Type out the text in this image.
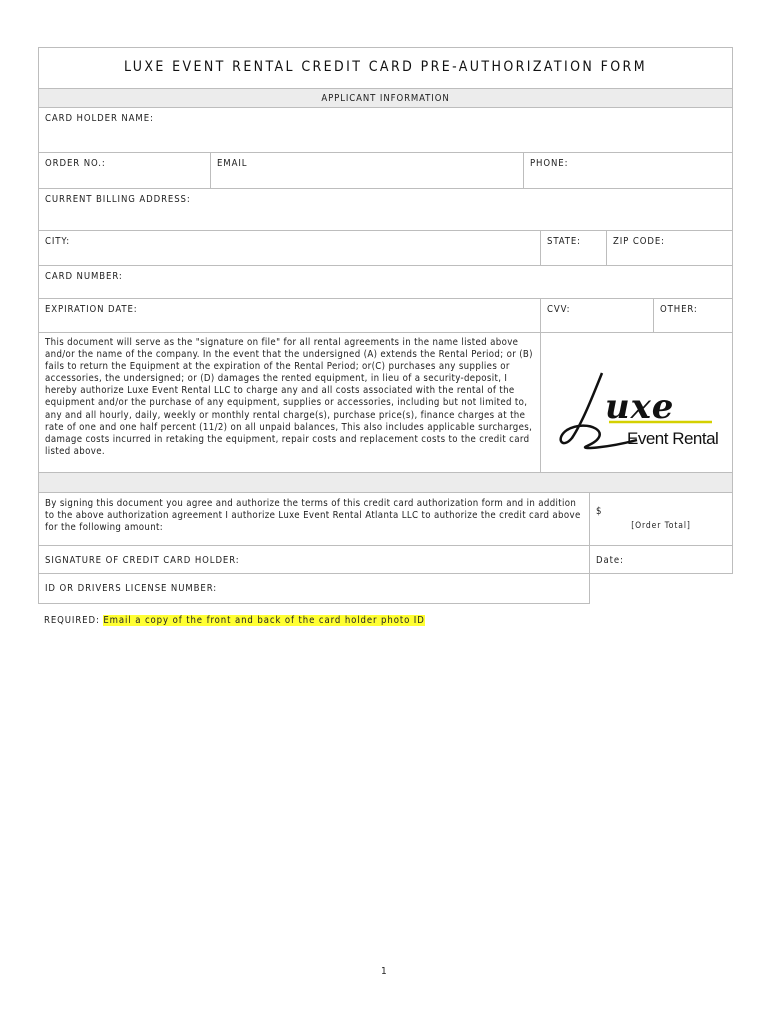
LUXE EVENT RENTAL CREDIT CARD PRE-AUTHORIZATION FORM
APPLICANT INFORMATION
CARD HOLDER NAME:
ORDER NO.:	EMAIL	PHONE:
CURRENT BILLING ADDRESS:
CITY:	STATE:	ZIP CODE:
CARD NUMBER:
EXPIRATION DATE:	CVV:	OTHER:
This document will serve as the "signature on file" for all rental agreements in the name listed above and/or the name of the company. In the event that the undersigned (A) extends the Rental Period; or (B) fails to return the Equipment at the expiration of the Rental Period; or(C) purchases any supplies or accessories, the undersigned; or (D) damages the rented equipment, in lieu of a security-deposit, I hereby authorize Luxe Event Rental LLC to charge any and all costs associated with the rental of the equipment and/or the purchase of any equipment, supplies or accessories, including but not limited to, any and all hourly, daily, weekly or monthly rental charge(s), purchase price(s), finance charges at the rate of one and one half percent (11/2) on all unpaid balances, This also includes applicable surcharges, damage costs incurred in retaking the equipment, repair costs and replacement costs to the credit card listed above.
uxe
Event Rental
By signing this document you agree and authorize the terms of this credit card authorization form and in addition to the above authorization agreement I authorize Luxe Event Rental Atlanta LLC to authorize the credit card above for the following amount:
$
[Order Total]
SIGNATURE OF CREDIT CARD HOLDER:	Date:
ID OR DRIVERS LICENSE NUMBER:
REQUIRED: Email a copy of the front and back of the card holder photo ID
1
